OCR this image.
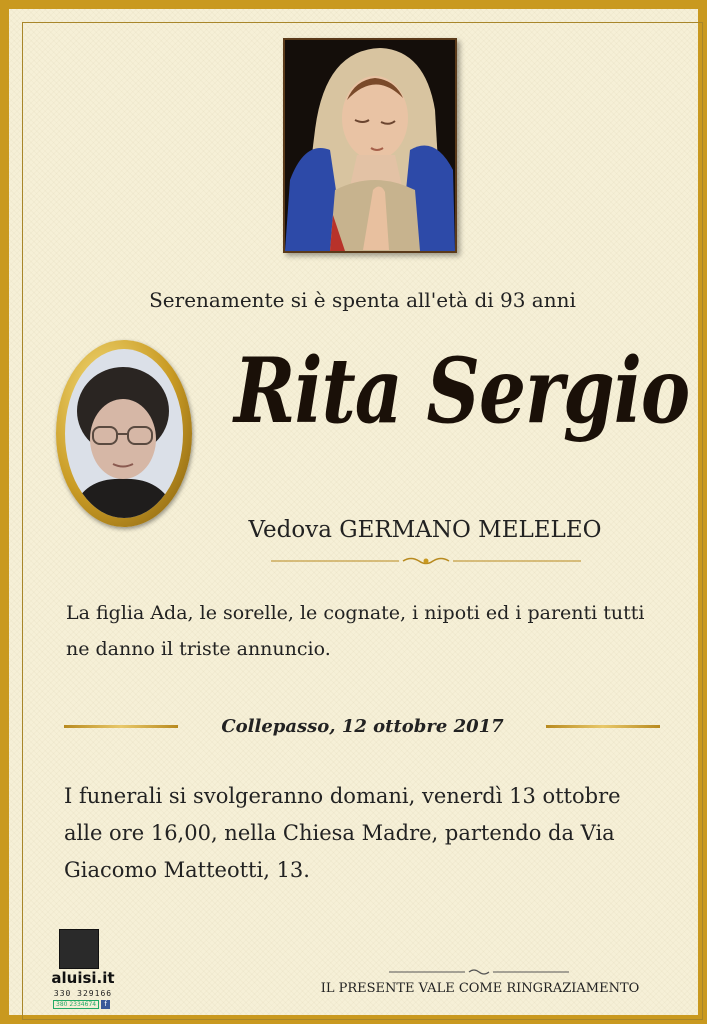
Serenamente si è spenta all'età di 93 anni
Rita Sergio
Vedova GERMANO MELELEO
La figlia Ada, le sorelle, le cognate, i nipoti ed i parenti tutti ne danno il triste annuncio.
Collepasso, 12 ottobre 2017
I funerali si svolgeranno domani, venerdì 13 ottobre alle ore 16,00, nella Chiesa Madre, partendo da Via Giacomo Matteotti, 13.
aluisi.it
330 329166
380 2334674 f
IL PRESENTE VALE COME RINGRAZIAMENTO
